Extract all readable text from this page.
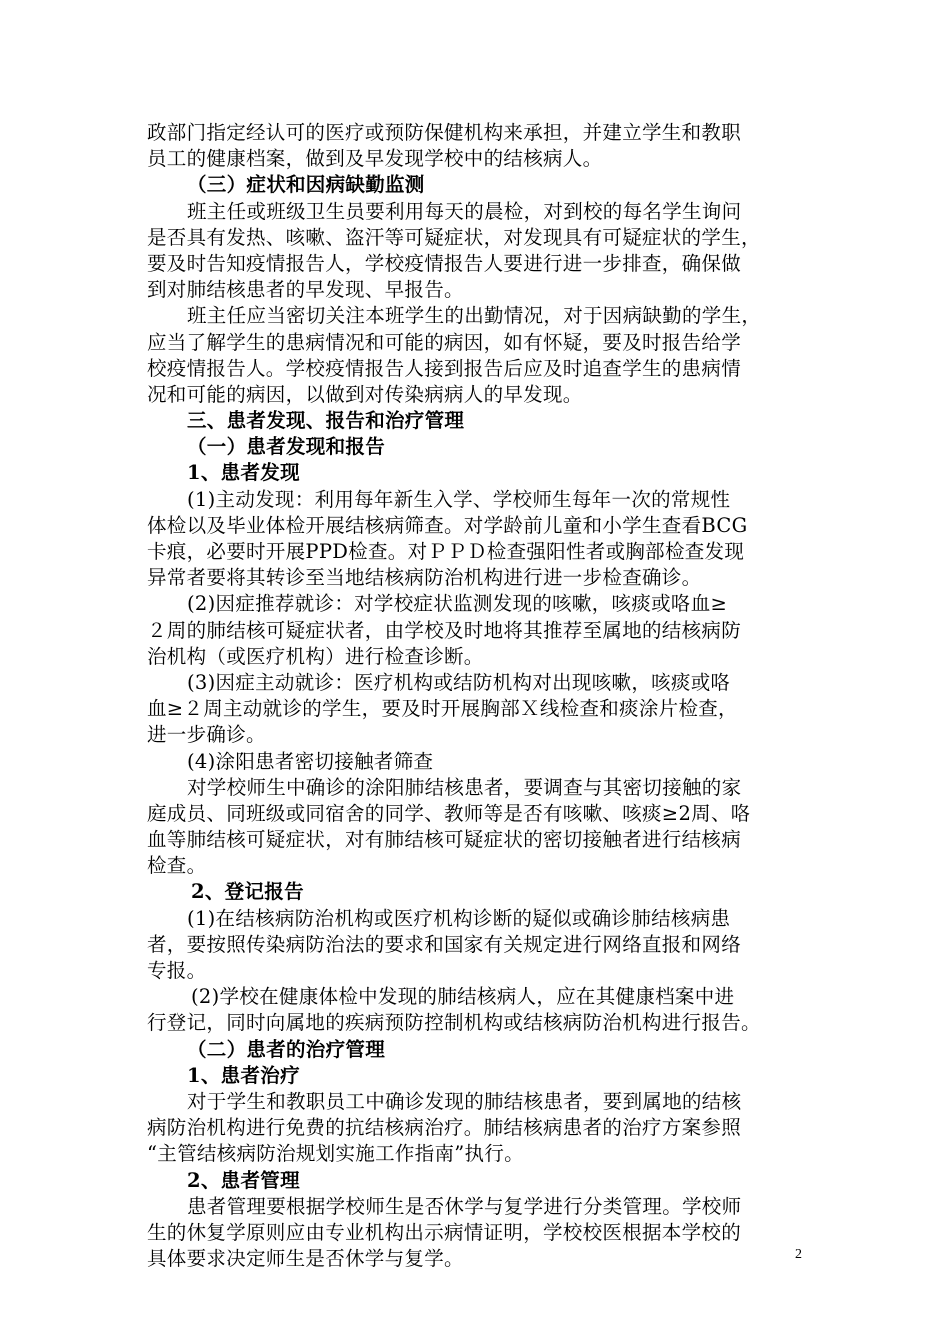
政部门指定经认可的医疗或预防保健机构来承担，并建立学生和教职
员工的健康档案，做到及早发现学校中的结核病人。
（三）症状和因病缺勤监测
班主任或班级卫生员要利用每天的晨检，对到校的每名学生询问
是否具有发热、咳嗽、盗汗等可疑症状，对发现具有可疑症状的学生，
要及时告知疫情报告人，学校疫情报告人要进行进一步排查，确保做
到对肺结核患者的早发现、早报告。
班主任应当密切关注本班学生的出勤情况，对于因病缺勤的学生，
应当了解学生的患病情况和可能的病因，如有怀疑，要及时报告给学
校疫情报告人。学校疫情报告人接到报告后应及时追查学生的患病情
况和可能的病因，以做到对传染病病人的早发现。
三、患者发现、报告和治疗管理
（一）患者发现和报告
1、患者发现
(1)主动发现：利用每年新生入学、学校师生每年一次的常规性
体检以及毕业体检开展结核病筛查。对学龄前儿童和小学生查看BCG
卡痕，必要时开展PPD检查。对ＰＰＤ检查强阳性者或胸部检查发现
异常者要将其转诊至当地结核病防治机构进行进一步检查确诊。
(2)因症推荐就诊：对学校症状监测发现的咳嗽，咳痰或咯血≥
２周的肺结核可疑症状者，由学校及时地将其推荐至属地的结核病防
治机构（或医疗机构）进行检查诊断。
(3)因症主动就诊：医疗机构或结防机构对出现咳嗽，咳痰或咯
血≥２周主动就诊的学生，要及时开展胸部Ｘ线检查和痰涂片检查，
进一步确诊。
(4)涂阳患者密切接触者筛查
对学校师生中确诊的涂阳肺结核患者，要调查与其密切接触的家
庭成员、同班级或同宿舍的同学、教师等是否有咳嗽、咳痰≥2周、咯
血等肺结核可疑症状，对有肺结核可疑症状的密切接触者进行结核病
检查。
2、登记报告
(1)在结核病防治机构或医疗机构诊断的疑似或确诊肺结核病患
者，要按照传染病防治法的要求和国家有关规定进行网络直报和网络
专报。
(2)学校在健康体检中发现的肺结核病人，应在其健康档案中进
行登记，同时向属地的疾病预防控制机构或结核病防治机构进行报告。
（二）患者的治疗管理
1、患者治疗
对于学生和教职员工中确诊发现的肺结核患者，要到属地的结核
病防治机构进行免费的抗结核病治疗。肺结核病患者的治疗方案参照
“主管结核病防治规划实施工作指南”执行。
2、患者管理
患者管理要根据学校师生是否休学与复学进行分类管理。学校师
生的休复学原则应由专业机构出示病情证明，学校校医根据本学校的
具体要求决定师生是否休学与复学。	2
